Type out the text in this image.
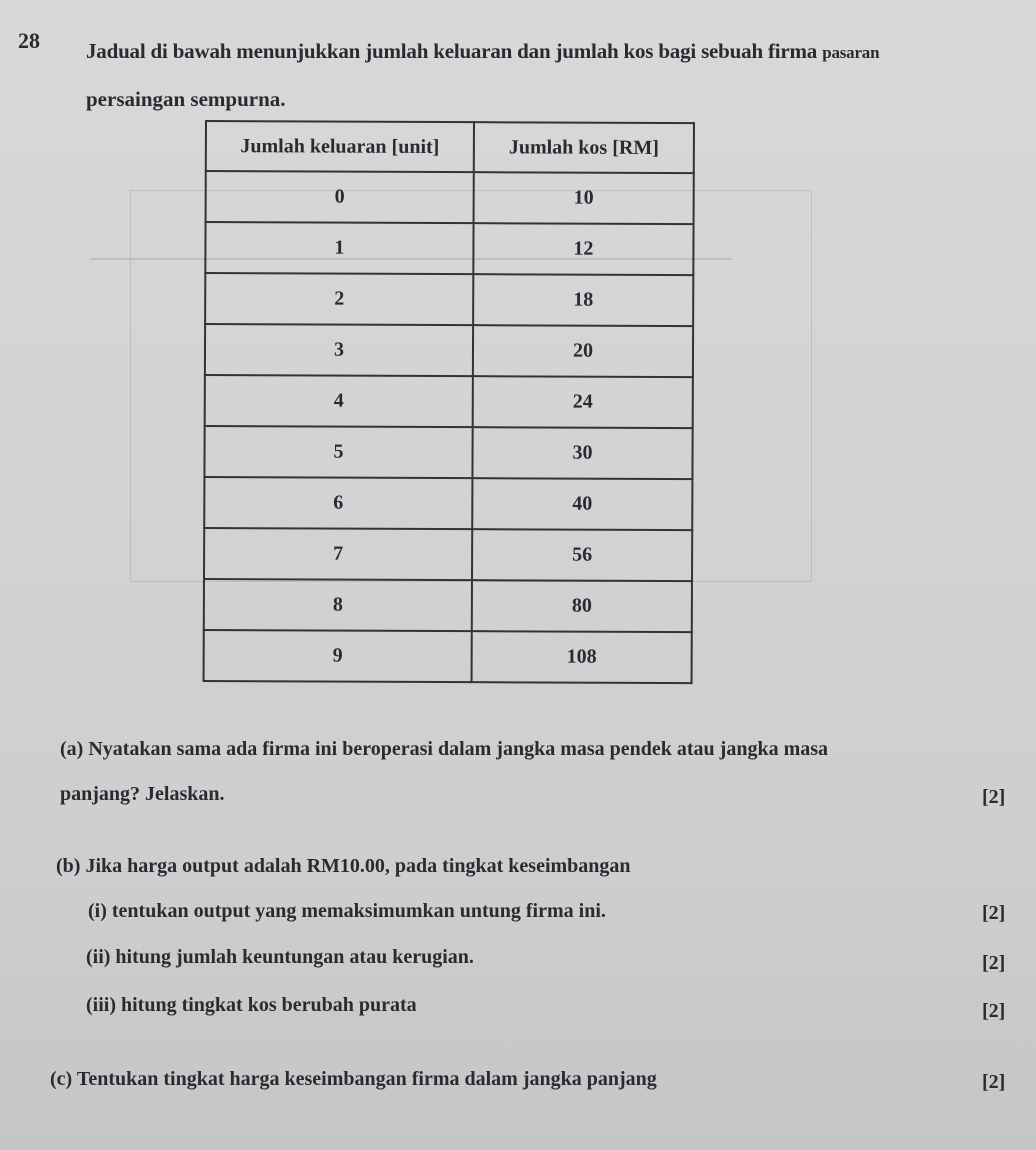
28 Jadual di bawah menunjukkan jumlah keluaran dan jumlah kos bagi sebuah firma pasaran
persaingan sempurna.
Jumlah keluaran [unit]	Jumlah kos [RM]
0	10
1	12
2	18
3	20
4	24
5	30
6	40
7	56
8	80
9	108
(a) Nyatakan sama ada firma ini beroperasi dalam jangka masa pendek atau jangka masa
panjang? Jelaskan.	[2]
(b) Jika harga output adalah RM10.00, pada tingkat keseimbangan
(i) tentukan output yang memaksimumkan untung firma ini.	[2]
(ii) hitung jumlah keuntungan atau kerugian.	[2]
(iii) hitung tingkat kos berubah purata	[2]
(c) Tentukan tingkat harga keseimbangan firma dalam jangka panjang	[2]
